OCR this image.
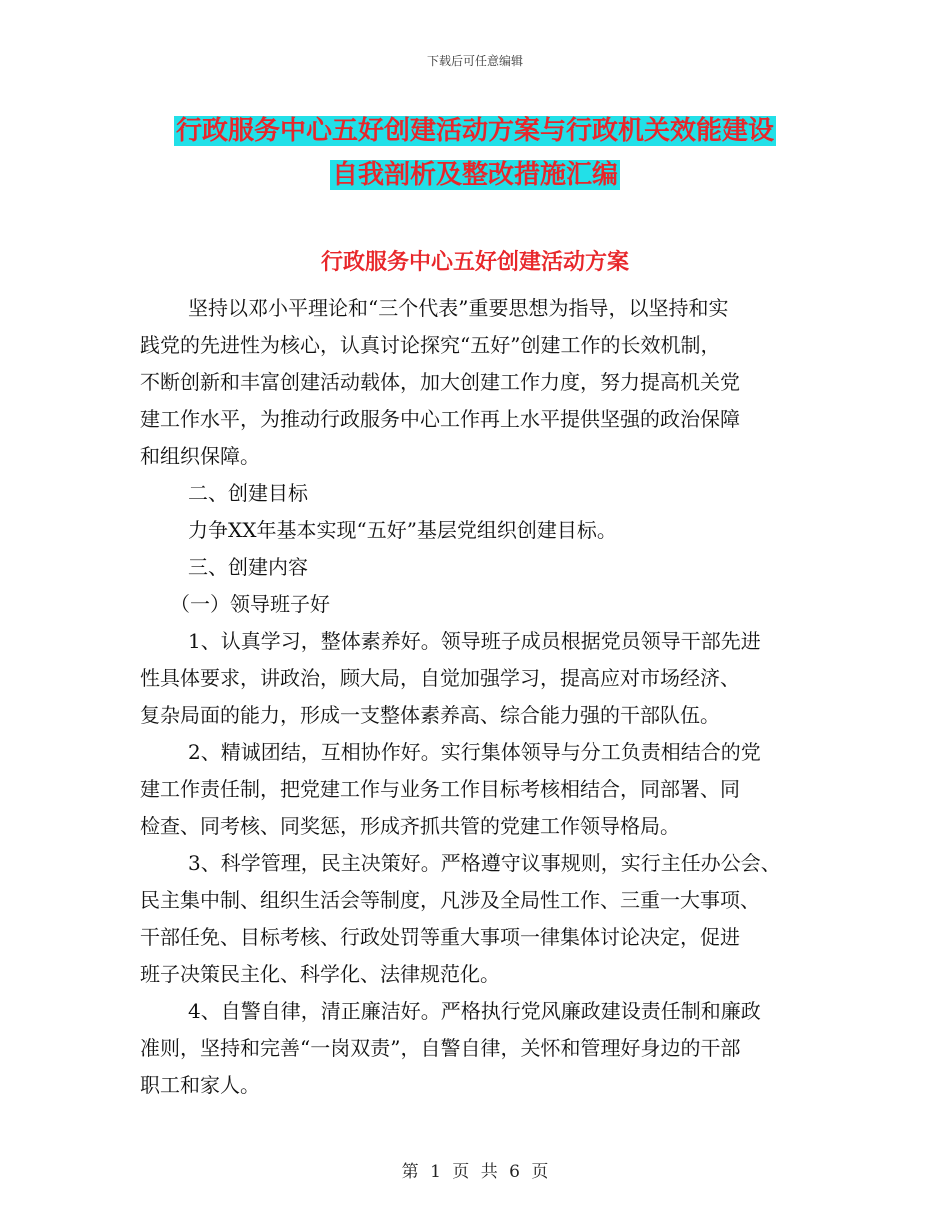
下载后可任意编辑
行政服务中心五好创建活动方案与行政机关效能建设
自我剖析及整改措施汇编
行政服务中心五好创建活动方案
坚持以邓小平理论和“三个代表”重要思想为指导，以坚持和实
践党的先进性为核心，认真讨论探究“五好”创建工作的长效机制，
不断创新和丰富创建活动载体，加大创建工作力度，努力提高机关党
建工作水平，为推动行政服务中心工作再上水平提供坚强的政治保障
和组织保障。
二、创建目标
力争XX年基本实现“五好”基层党组织创建目标。
三、创建内容
（一）领导班子好
1、认真学习，整体素养好。领导班子成员根据党员领导干部先进
性具体要求，讲政治，顾大局，自觉加强学习，提高应对市场经济、
复杂局面的能力，形成一支整体素养高、综合能力强的干部队伍。
2、精诚团结，互相协作好。实行集体领导与分工负责相结合的党
建工作责任制，把党建工作与业务工作目标考核相结合，同部署、同
检查、同考核、同奖惩，形成齐抓共管的党建工作领导格局。
3、科学管理，民主决策好。严格遵守议事规则，实行主任办公会、
民主集中制、组织生活会等制度，凡涉及全局性工作、三重一大事项、
干部任免、目标考核、行政处罚等重大事项一律集体讨论决定，促进
班子决策民主化、科学化、法律规范化。
4、自警自律，清正廉洁好。严格执行党风廉政建设责任制和廉政
准则，坚持和完善“一岗双责”，自警自律，关怀和管理好身边的干部
职工和家人。
第 1 页 共 6 页
